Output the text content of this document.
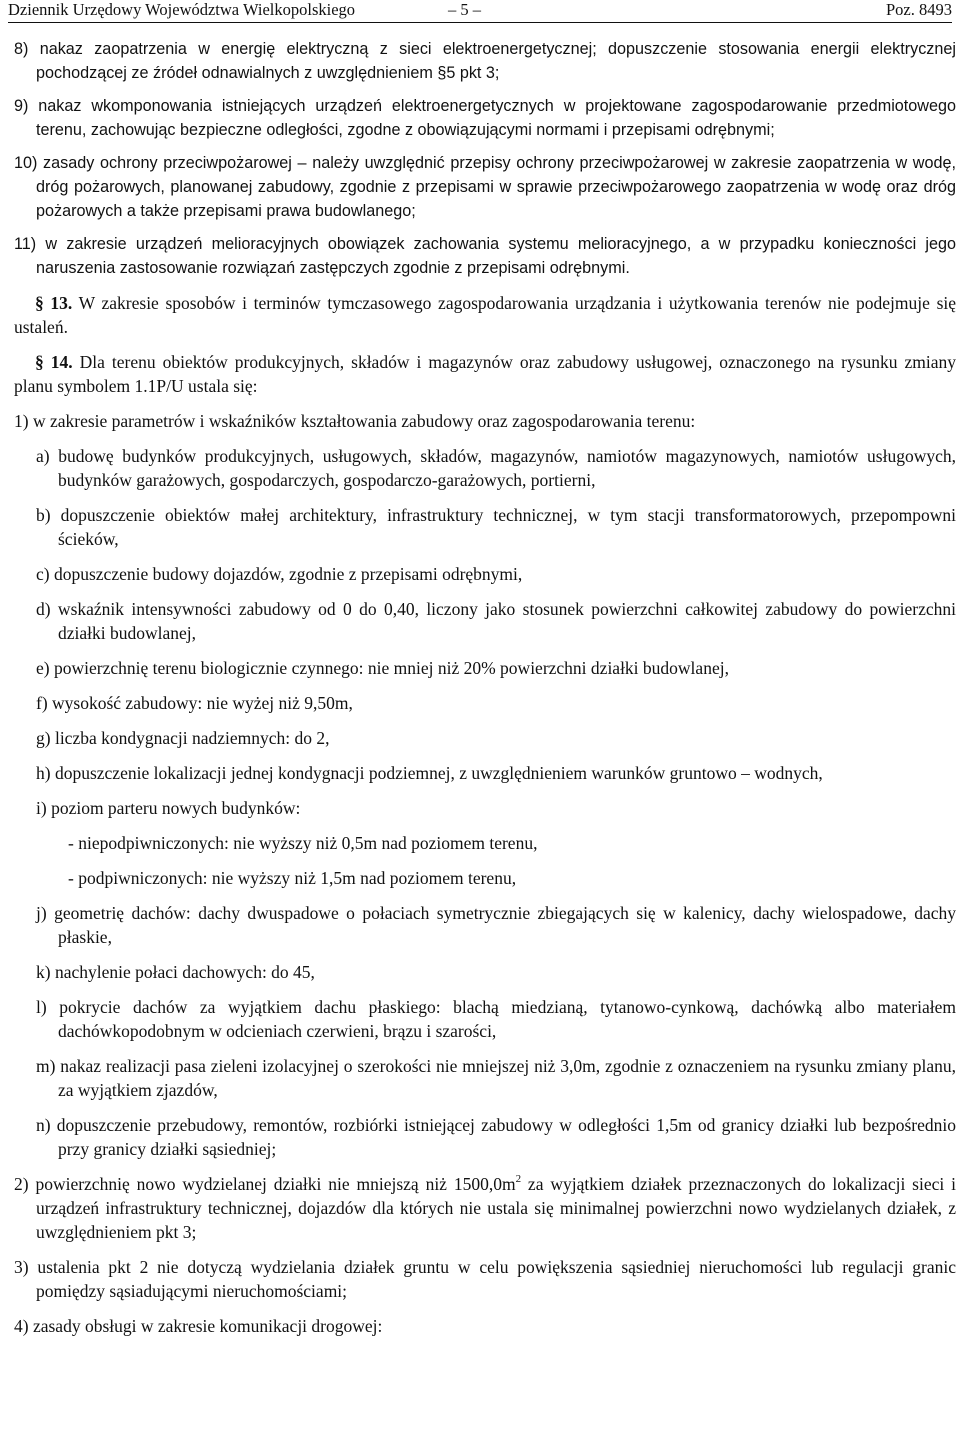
Dziennik Urzędowy Województwa Wielkopolskiego	– 5 –	Poz. 8493

8) nakaz zaopatrzenia w energię elektryczną z sieci elektroenergetycznej; dopuszczenie stosowania energii elektrycznej pochodzącej ze źródeł odnawialnych z uwzględnieniem §5 pkt 3;

9) nakaz wkomponowania istniejących urządzeń elektroenergetycznych w projektowane zagospodarowanie przedmiotowego terenu, zachowując bezpieczne odległości, zgodne z obowiązującymi normami i przepisami odrębnymi;

10) zasady ochrony przeciwpożarowej – należy uwzględnić przepisy ochrony przeciwpożarowej w zakresie zaopatrzenia w wodę, dróg pożarowych, planowanej zabudowy, zgodnie z przepisami w sprawie przeciwpożarowego zaopatrzenia w wodę oraz dróg pożarowych a także przepisami prawa budowlanego;

11) w zakresie urządzeń melioracyjnych obowiązek zachowania systemu melioracyjnego, a w przypadku konieczności jego naruszenia zastosowanie rozwiązań zastępczych zgodnie z przepisami odrębnymi.

§ 13. W zakresie sposobów i terminów tymczasowego zagospodarowania urządzania i użytkowania terenów nie podejmuje się ustaleń.

§ 14. Dla terenu obiektów produkcyjnych, składów i magazynów oraz zabudowy usługowej, oznaczonego na rysunku zmiany planu symbolem 1.1P/U ustala się:

1) w zakresie parametrów i wskaźników kształtowania zabudowy oraz zagospodarowania terenu:

a) budowę budynków produkcyjnych, usługowych, składów, magazynów, namiotów magazynowych, namiotów usługowych, budynków garażowych, gospodarczych, gospodarczo-garażowych, portierni,

b) dopuszczenie obiektów małej architektury, infrastruktury technicznej, w tym stacji transformatorowych, przepompowni ścieków,

c) dopuszczenie budowy dojazdów, zgodnie z przepisami odrębnymi,

d) wskaźnik intensywności zabudowy od 0 do 0,40, liczony jako stosunek powierzchni całkowitej zabudowy do powierzchni działki budowlanej,

e) powierzchnię terenu biologicznie czynnego: nie mniej niż 20% powierzchni działki budowlanej,

f) wysokość zabudowy: nie wyżej niż 9,50m,

g) liczba kondygnacji nadziemnych: do 2,

h) dopuszczenie lokalizacji jednej kondygnacji podziemnej, z uwzględnieniem warunków gruntowo – wodnych,

i) poziom parteru nowych budynków:

- niepodpiwniczonych: nie wyższy niż 0,5m nad poziomem terenu,

- podpiwniczonych: nie wyższy niż 1,5m nad poziomem terenu,

j) geometrię dachów: dachy dwuspadowe o połaciach symetrycznie zbiegających się w kalenicy, dachy wielospadowe, dachy płaskie,

k) nachylenie połaci dachowych: do 45,

l) pokrycie dachów za wyjątkiem dachu płaskiego: blachą miedzianą, tytanowo-cynkową, dachówką albo materiałem dachówkopodobnym w odcieniach czerwieni, brązu i szarości,

m) nakaz realizacji pasa zieleni izolacyjnej o szerokości nie mniejszej niż 3,0m, zgodnie z oznaczeniem na rysunku zmiany planu, za wyjątkiem zjazdów,

n) dopuszczenie przebudowy, remontów, rozbiórki istniejącej zabudowy w odległości 1,5m od granicy działki lub bezpośrednio przy granicy działki sąsiedniej;

2) powierzchnię nowo wydzielanej działki nie mniejszą niż $1500,0m^2$ za wyjątkiem działek przeznaczonych do lokalizacji sieci i urządzeń infrastruktury technicznej, dojazdów dla których nie ustala się minimalnej powierzchni nowo wydzielanych działek, z uwzględnieniem pkt 3;

3) ustalenia pkt 2 nie dotyczą wydzielania działek gruntu w celu powiększenia sąsiedniej nieruchomości lub regulacji granic pomiędzy sąsiadującymi nieruchomościami;

4) zasady obsługi w zakresie komunikacji drogowej:
